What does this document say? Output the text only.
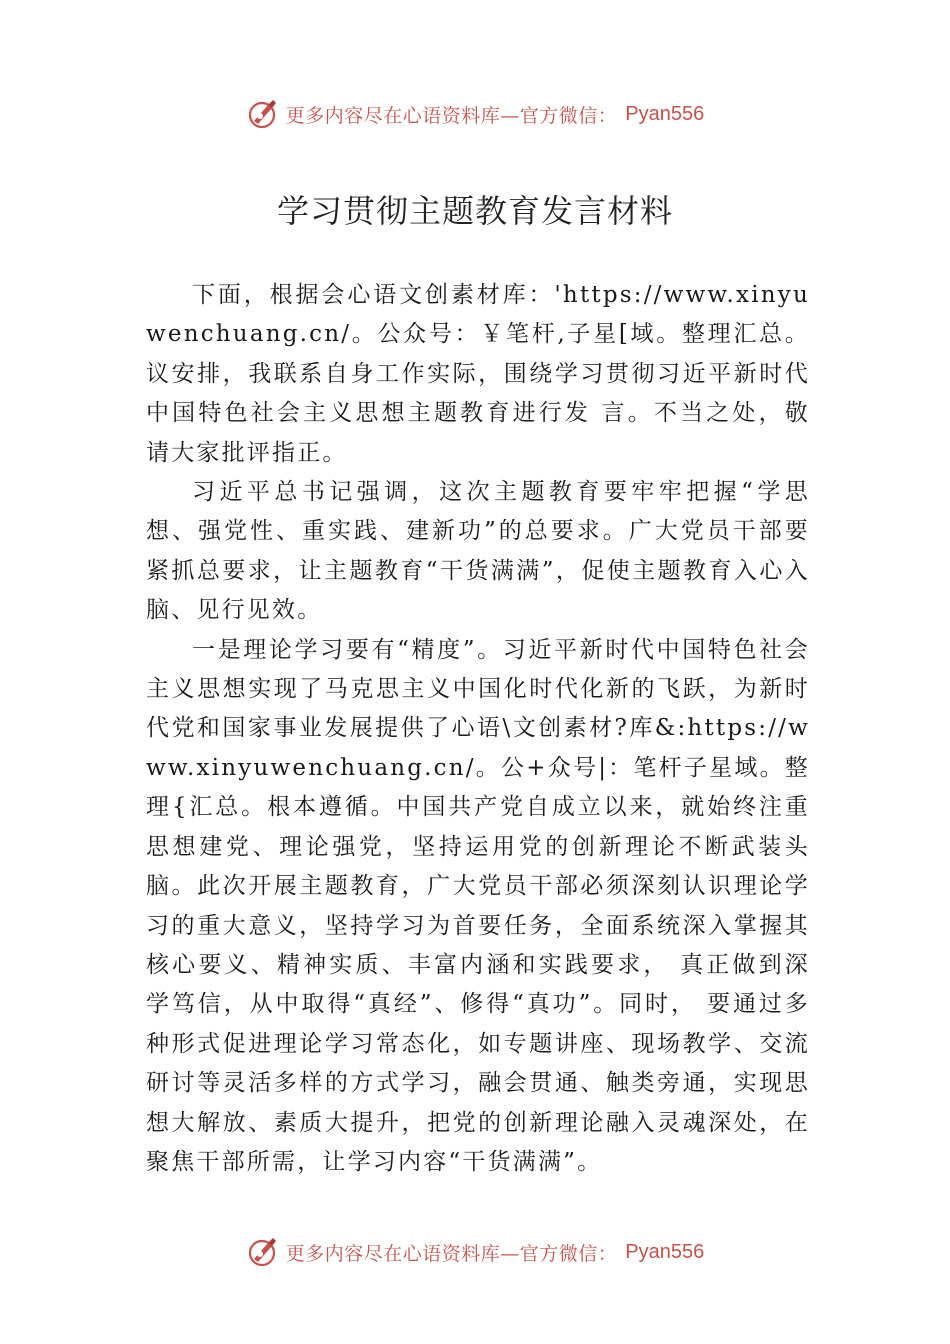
更多内容尽在心语资料库—官方微信： Pyan556
学习贯彻主题教育发言材料

下面，根据会心语文创素材库：'https://www.xinyuwenchuang.cn/。公众号：￥笔杆,子星[域。整理汇总。议安排，我联系自身工作实际，围绕学习贯彻习近平新时代中国特色社会主义思想主题教育进行发 言。不当之处，敬请大家批评指正。

习近平总书记强调，这次主题教育要牢牢把握“学思想、强党性、重实践、建新功”的总要求。广大党员干部要紧抓总要求，让主题教育“干货满满”，促使主题教育入心入脑、见行见效。

一是理论学习要有“精度”。习近平新时代中国特色社会主义思想实现了马克思主义中国化时代化新的飞跃，为新时代党和国家事业发展提供了心语\文创素材?库&:https://www.xinyuwenchuang.cn/。公+众号|：笔杆子星域。整理{汇总。根本遵循。中国共产党自成立以来，就始终注重思想建党、理论强党，坚持运用党的创新理论不断武装头脑。此次开展主题教育，广大党员干部必须深刻认识理论学习的重大意义，坚持学习为首要任务，全面系统深入掌握其核心要义、精神实质、丰富内涵和实践要求， 真正做到深学笃信，从中取得“真经”、修得“真功”。同时， 要通过多种形式促进理论学习常态化，如专题讲座、现场教学、交流研讨等灵活多样的方式学习，融会贯通、触类旁通，实现思想大解放、素质大提升，把党的创新理论融入灵魂深处，在聚焦干部所需，让学习内容“干货满满”。

更多内容尽在心语资料库—官方微信： Pyan556
